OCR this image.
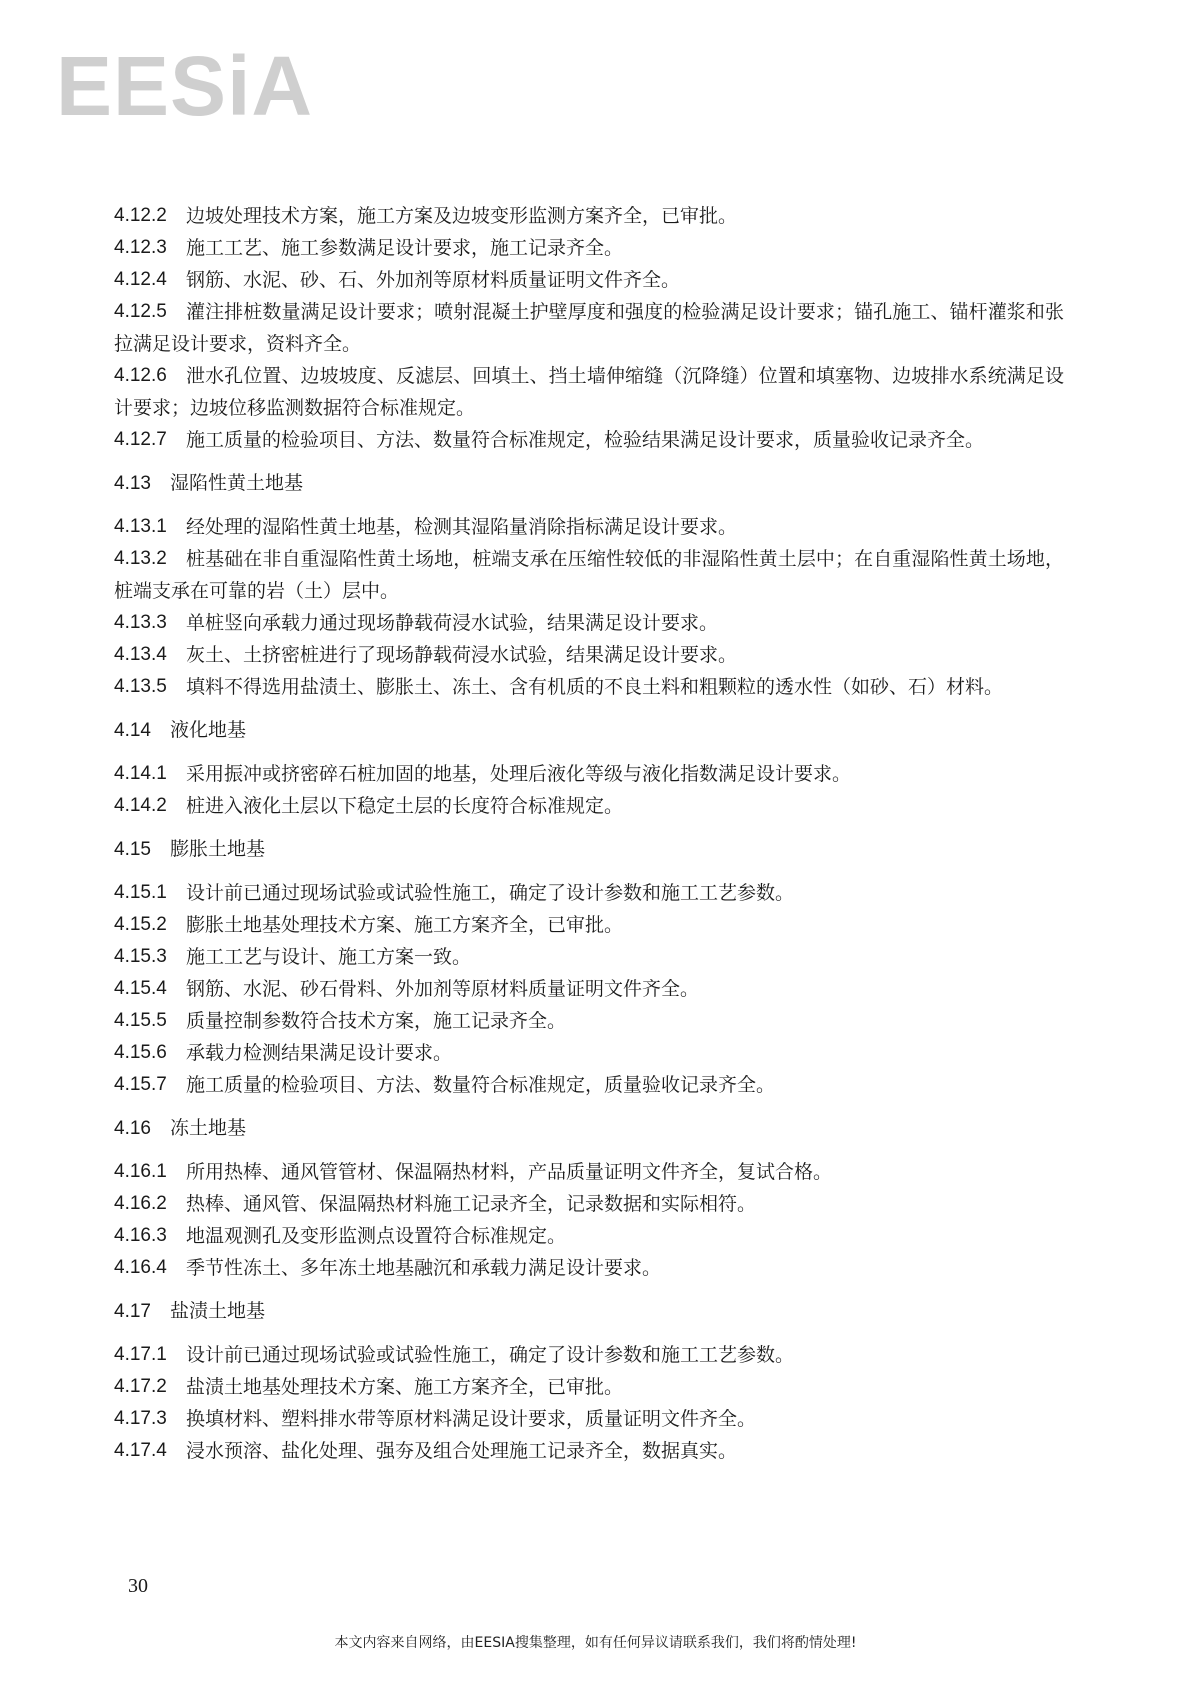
EESiA
4.12.2 边坡处理技术方案，施工方案及边坡变形监测方案齐全，已审批。
4.12.3 施工工艺、施工参数满足设计要求，施工记录齐全。
4.12.4 钢筋、水泥、砂、石、外加剂等原材料质量证明文件齐全。
4.12.5 灌注排桩数量满足设计要求；喷射混凝土护壁厚度和强度的检验满足设计要求；锚孔施工、锚杆灌浆和张拉满足设计要求，资料齐全。
4.12.6 泄水孔位置、边坡坡度、反滤层、回填土、挡土墙伸缩缝（沉降缝）位置和填塞物、边坡排水系统满足设计要求；边坡位移监测数据符合标准规定。
4.12.7 施工质量的检验项目、方法、数量符合标准规定，检验结果满足设计要求，质量验收记录齐全。
4.13 湿陷性黄土地基
4.13.1 经处理的湿陷性黄土地基，检测其湿陷量消除指标满足设计要求。
4.13.2 桩基础在非自重湿陷性黄土场地，桩端支承在压缩性较低的非湿陷性黄土层中；在自重湿陷性黄土场地，桩端支承在可靠的岩（土）层中。
4.13.3 单桩竖向承载力通过现场静载荷浸水试验，结果满足设计要求。
4.13.4 灰土、土挤密桩进行了现场静载荷浸水试验，结果满足设计要求。
4.13.5 填料不得选用盐渍土、膨胀土、冻土、含有机质的不良土料和粗颗粒的透水性（如砂、石）材料。
4.14 液化地基
4.14.1 采用振冲或挤密碎石桩加固的地基，处理后液化等级与液化指数满足设计要求。
4.14.2 桩进入液化土层以下稳定土层的长度符合标准规定。
4.15 膨胀土地基
4.15.1 设计前已通过现场试验或试验性施工，确定了设计参数和施工工艺参数。
4.15.2 膨胀土地基处理技术方案、施工方案齐全，已审批。
4.15.3 施工工艺与设计、施工方案一致。
4.15.4 钢筋、水泥、砂石骨料、外加剂等原材料质量证明文件齐全。
4.15.5 质量控制参数符合技术方案，施工记录齐全。
4.15.6 承载力检测结果满足设计要求。
4.15.7 施工质量的检验项目、方法、数量符合标准规定，质量验收记录齐全。
4.16 冻土地基
4.16.1 所用热棒、通风管管材、保温隔热材料，产品质量证明文件齐全，复试合格。
4.16.2 热棒、通风管、保温隔热材料施工记录齐全，记录数据和实际相符。
4.16.3 地温观测孔及变形监测点设置符合标准规定。
4.16.4 季节性冻土、多年冻土地基融沉和承载力满足设计要求。
4.17 盐渍土地基
4.17.1 设计前已通过现场试验或试验性施工，确定了设计参数和施工工艺参数。
4.17.2 盐渍土地基处理技术方案、施工方案齐全，已审批。
4.17.3 换填材料、塑料排水带等原材料满足设计要求，质量证明文件齐全。
4.17.4 浸水预溶、盐化处理、强夯及组合处理施工记录齐全，数据真实。
30
本文内容来自网络，由EESIA搜集整理，如有任何异议请联系我们，我们将酌情处理!
